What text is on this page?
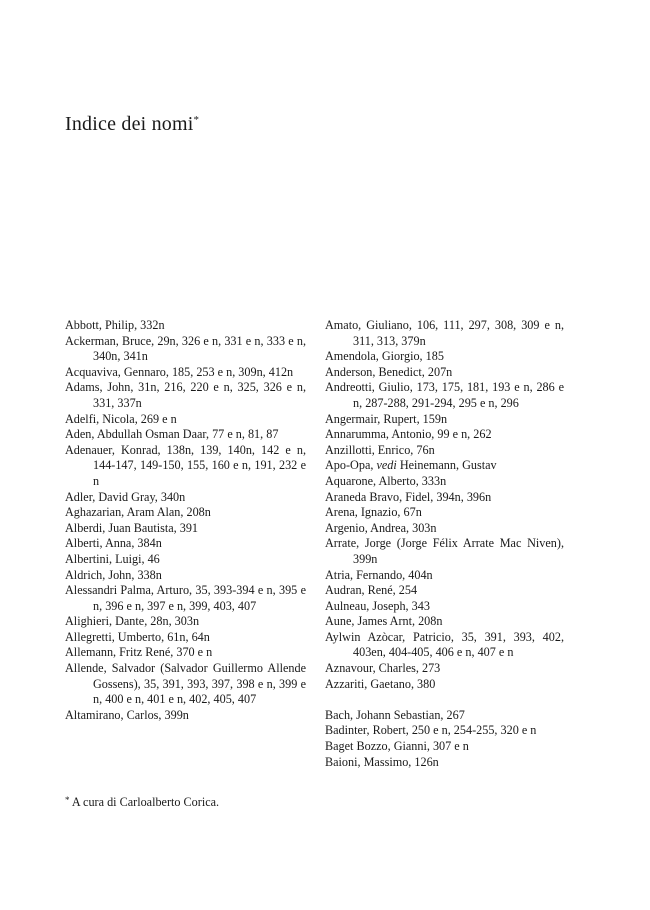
Indice dei nomi*

Abbott, Philip, 332n

Ackerman, Bruce, 29n, 326 e n, 331 e n, 333 e n, 340n, 341n

Acquaviva, Gennaro, 185, 253 e n, 309n, 412n

Adams, John, 31n, 216, 220 e n, 325, 326 e n, 331, 337n

Adelfi, Nicola, 269 e n

Aden, Abdullah Osman Daar, 77 e n, 81, 87

Adenauer, Konrad, 138n, 139, 140n, 142 e n, 144-147, 149-150, 155, 160 e n, 191, 232 e n

Adler, David Gray, 340n

Aghazarian, Aram Alan, 208n

Alberdi, Juan Bautista, 391

Alberti, Anna, 384n

Albertini, Luigi, 46

Aldrich, John, 338n

Alessandri Palma, Arturo, 35, 393-394 e n, 395 e n, 396 e n, 397 e n, 399, 403, 407

Alighieri, Dante, 28n, 303n

Allegretti, Umberto, 61n, 64n

Allemann, Fritz René, 370 e n

Allende, Salvador (Salvador Guillermo Allende Gossens), 35, 391, 393, 397, 398 e n, 399 e n, 400 e n, 401 e n, 402, 405, 407

Altamirano, Carlos, 399n

Amato, Giuliano, 106, 111, 297, 308, 309 e n, 311, 313, 379n

Amendola, Giorgio, 185

Anderson, Benedict, 207n

Andreotti, Giulio, 173, 175, 181, 193 e n, 286 e n, 287-288, 291-294, 295 e n, 296

Angermair, Rupert, 159n

Annarumma, Antonio, 99 e n, 262

Anzillotti, Enrico, 76n

Apo-Opa, vedi Heinemann, Gustav

Aquarone, Alberto, 333n

Araneda Bravo, Fidel, 394n, 396n

Arena, Ignazio, 67n

Argenio, Andrea, 303n

Arrate, Jorge (Jorge Félix Arrate Mac Niven), 399n

Atria, Fernando, 404n

Audran, René, 254

Aulneau, Joseph, 343

Aune, James Arnt, 208n

Aylwin Azòcar, Patricio, 35, 391, 393, 402, 403en, 404-405, 406 e n, 407 e n

Aznavour, Charles, 273

Azzariti, Gaetano, 380

Bach, Johann Sebastian, 267

Badinter, Robert, 250 e n, 254-255, 320 e n

Baget Bozzo, Gianni, 307 e n

Baioni, Massimo, 126n

* A cura di Carloalberto Corica.
